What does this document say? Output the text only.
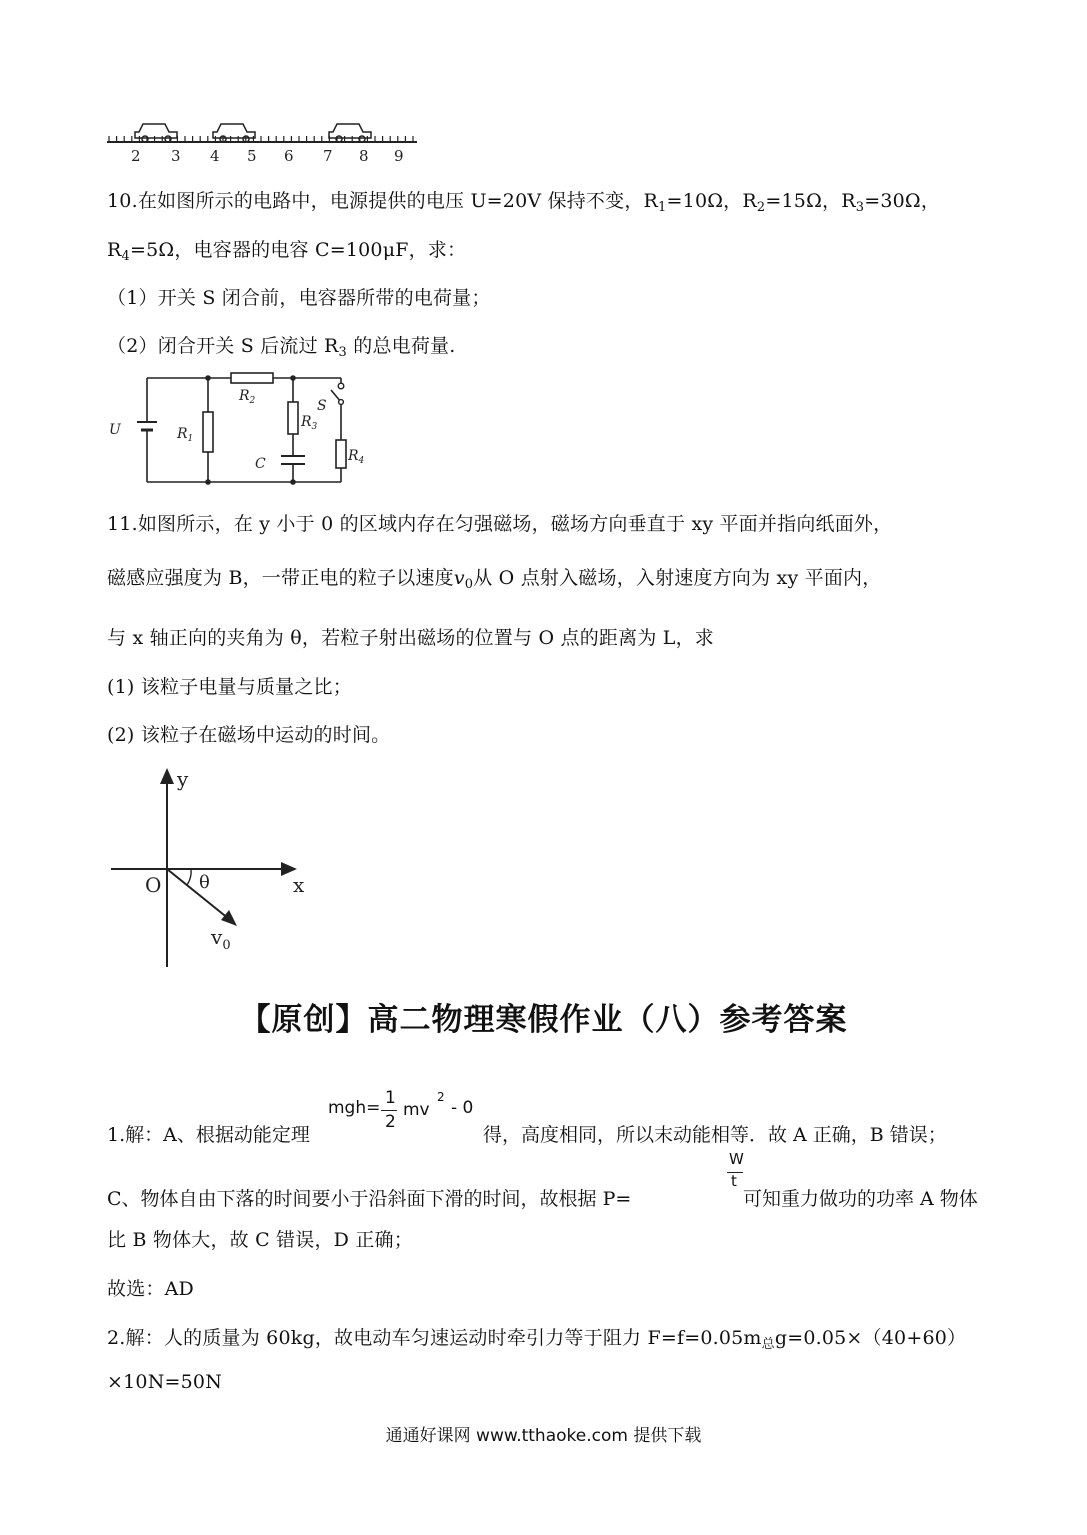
2 3 4 5 6 7 8 9
10.在如图所示的电路中，电源提供的电压 U=20V 保持不变，$R_1=10\Omega$，$R_2=15\Omega$，$R_3=30\Omega$，
$R_4=5\Omega$，电容器的电容 C=100μF，求：
（1）开关 S 闭合前，电容器所带的电荷量；
（2）闭合开关 S 后流过 $R_3$ 的总电荷量.
U	$R_1$
$R_2$
$R_3$
S
C	$R_4$
11.如图所示，在 y 小于 0 的区域内存在匀强磁场，磁场方向垂直于 xy 平面并指向纸面外，
磁感应强度为 B，一带正电的粒子以速度$v_0$从 O 点射入磁场，入射速度方向为 xy 平面内，
与 x 轴正向的夹角为 θ，若粒子射出磁场的位置与 O 点的距离为 L，求
(1) 该粒子电量与质量之比；
(2) 该粒子在磁场中运动的时间。
y
x
O θ
$v_0$
【原创】高二物理寒假作业（八）参考答案
1.解：A、根据动能定理
mgh= 1
2
mv
2
- 0
得，高度相同，所以末动能相等．故 A 正确，B 错误；
C、物体自由下落的时间要小于沿斜面下滑的时间，故根据 P=
W
t
可知重力做功的功率 A 物体
比 B 物体大，故 C 错误，D 正确；
故选：AD
2.解：人的质量为 60kg，故电动车匀速运动时牵引力等于阻力 $F=f=0.05m_总g=0.05\times(40+60)$
×10N=50N
通通好课网 www.tthaoke.com 提供下载
